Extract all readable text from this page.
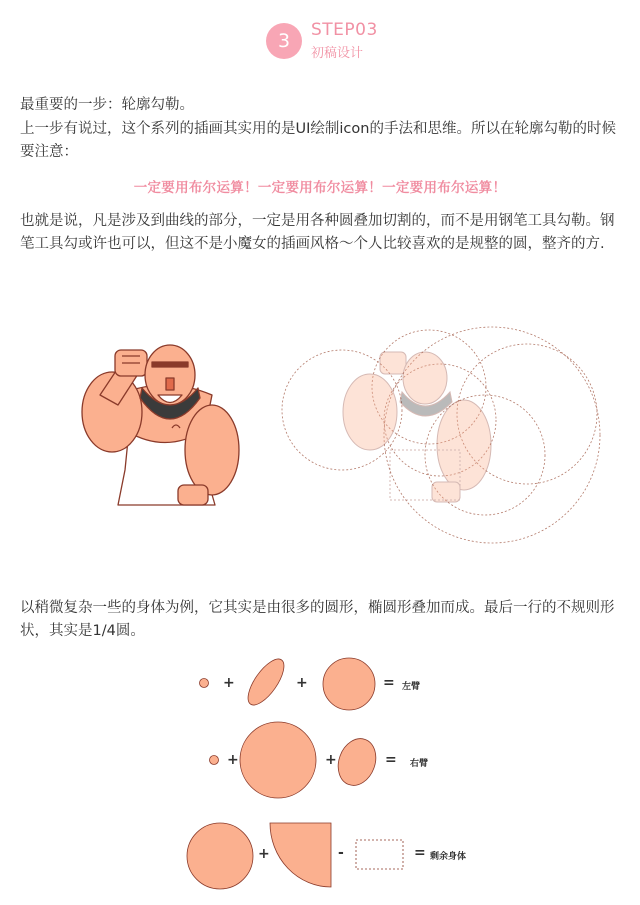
3	STEP03
初稿设计
最重要的一步：轮廓勾勒。
上一步有说过，这个系列的插画其实用的是UI绘制icon的手法和思维。所以在轮廓勾勒的时候要注意：
一定要用布尔运算！一定要用布尔运算！一定要用布尔运算！
也就是说，凡是涉及到曲线的部分，一定是用各种圆叠加切割的，而不是用钢笔工具勾勒。钢笔工具勾或许也可以，但这不是小魔女的插画风格～个人比较喜欢的是规整的圆，整齐的方.
+	+	= 左臂
+	+	= 右臂
+	-	= 剩余身体
以稍微复杂一些的身体为例，它其实是由很多的圆形，椭圆形叠加而成。最后一行的不规则形状，其实是1/4圆。
